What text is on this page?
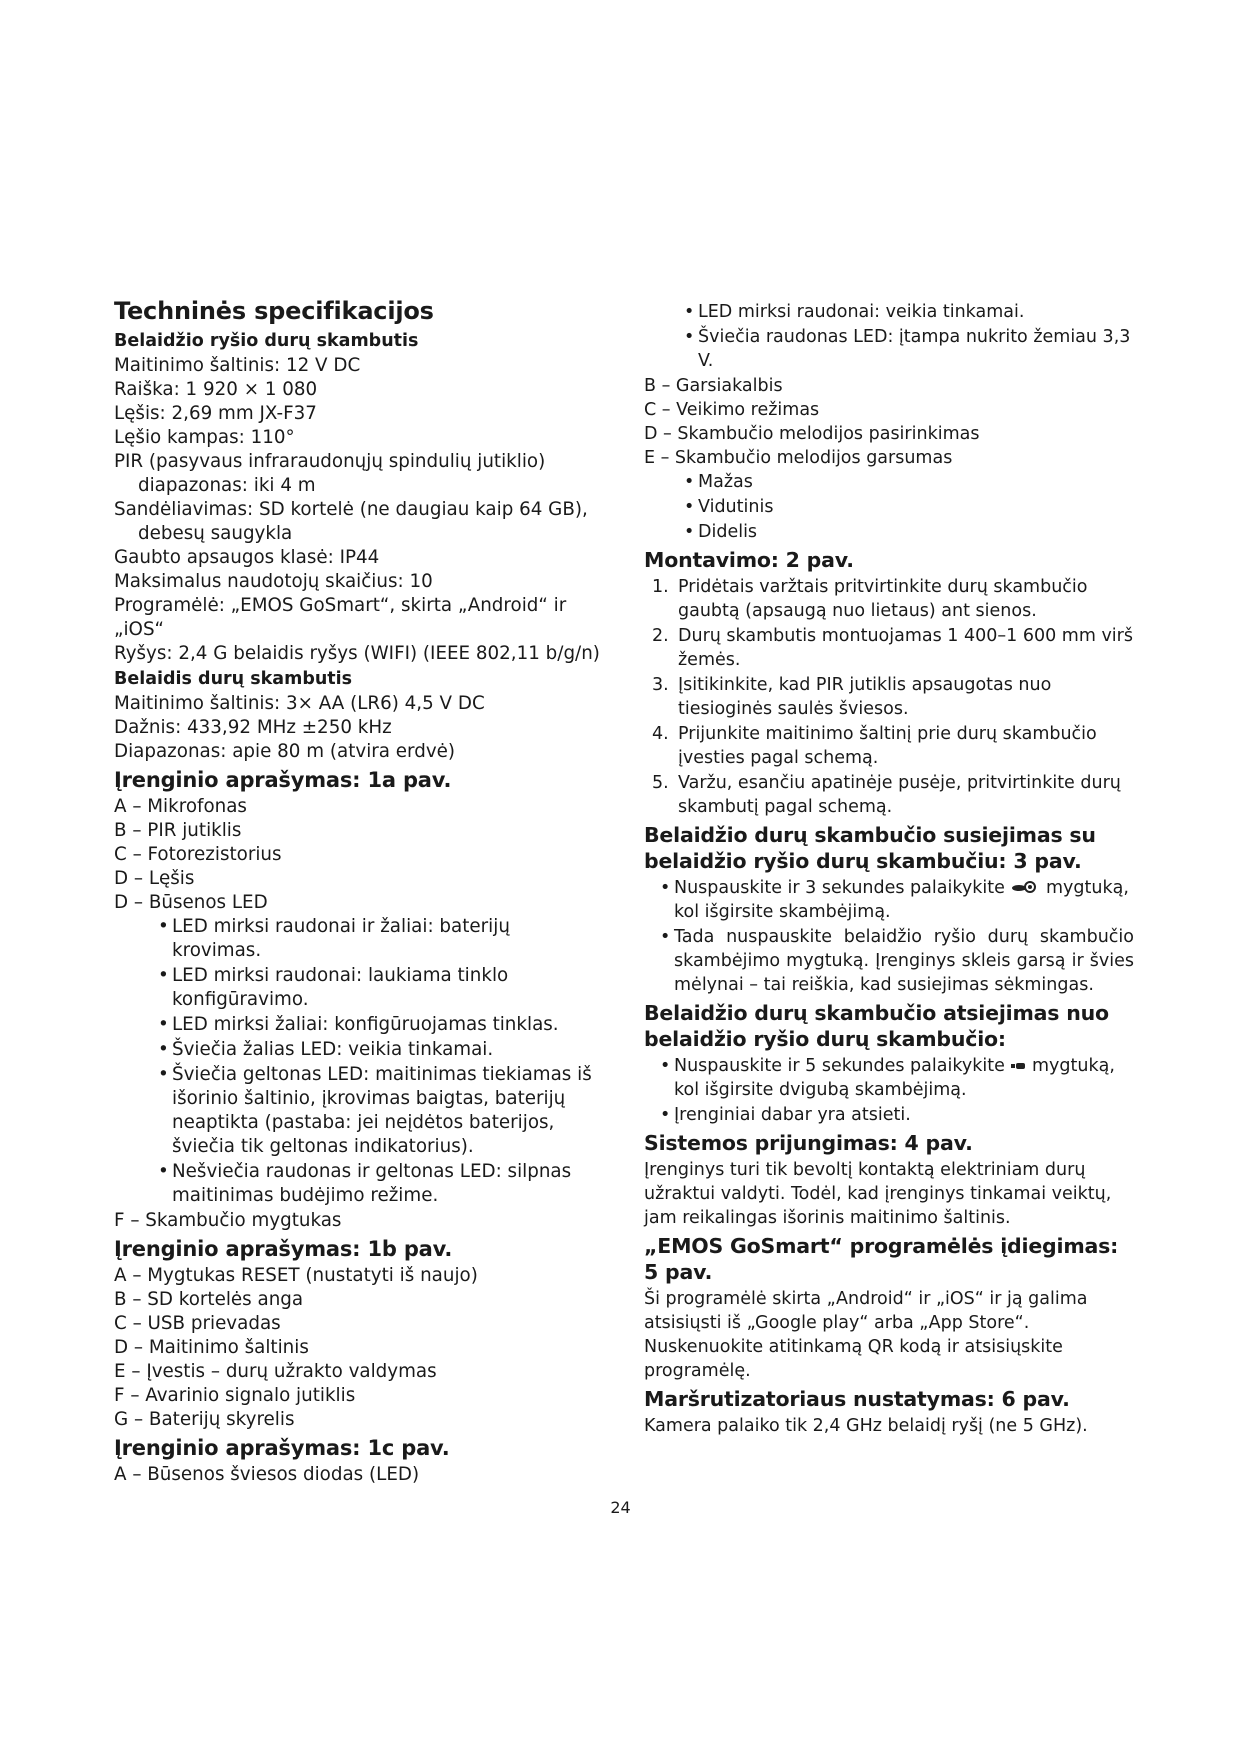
Techninės specifikacijos
Belaidžio ryšio durų skambutis
Maitinimo šaltinis: 12 V DC
Raiška: 1 920 × 1 080
Lęšis: 2,69 mm JX-F37
Lęšio kampas: 110°
PIR (pasyvaus infraraudonųjų spindulių jutiklio) diapazonas: iki 4 m
Sandėliavimas: SD kortelė (ne daugiau kaip 64 GB), debesų saugykla
Gaubto apsaugos klasė: IP44
Maksimalus naudotojų skaičius: 10
Programėlė: „EMOS GoSmart“, skirta „Android“ ir „iOS“
Ryšys: 2,4 G belaidis ryšys (WIFI) (IEEE 802,11 b/g/n)
Belaidis durų skambutis
Maitinimo šaltinis: 3× AA (LR6) 4,5 V DC
Dažnis: 433,92 MHz ±250 kHz
Diapazonas: apie 80 m (atvira erdvė)
Įrenginio aprašymas: 1a pav.
A – Mikrofonas
B – PIR jutiklis
C – Fotorezistorius
D – Lęšis
D – Būsenos LED
• LED mirksi raudonai ir žaliai: baterijų krovimas.
• LED mirksi raudonai: laukiama tinklo konfigūravimo.
• LED mirksi žaliai: konfigūruojamas tinklas.
• Šviečia žalias LED: veikia tinkamai.
• Šviečia geltonas LED: maitinimas tiekiamas iš išorinio šaltinio, įkrovimas baigtas, baterijų neaptikta (pastaba: jei neįdėtos baterijos, šviečia tik geltonas indikatorius).
• Nešviečia raudonas ir geltonas LED: silpnas maitinimas budėjimo režime.
F – Skambučio mygtukas
Įrenginio aprašymas: 1b pav.
A – Mygtukas RESET (nustatyti iš naujo)
B – SD kortelės anga
C – USB prievadas
D – Maitinimo šaltinis
E – Įvestis – durų užrakto valdymas
F – Avarinio signalo jutiklis
G – Baterijų skyrelis
Įrenginio aprašymas: 1c pav.
A – Būsenos šviesos diodas (LED)
• LED mirksi raudonai: veikia tinkamai.
• Šviečia raudonas LED: įtampa nukrito žemiau 3,3 V.
B – Garsiakalbis
C – Veikimo režimas
D – Skambučio melodijos pasirinkimas
E – Skambučio melodijos garsumas
• Mažas
• Vidutinis
• Didelis
Montavimo: 2 pav.
1. Pridėtais varžtais pritvirtinkite durų skambučio gaubtą (apsaugą nuo lietaus) ant sienos.
2. Durų skambutis montuojamas 1 400–1 600 mm virš žemės.
3. Įsitikinkite, kad PIR jutiklis apsaugotas nuo tiesioginės saulės šviesos.
4. Prijunkite maitinimo šaltinį prie durų skambučio įvesties pagal schemą.
5. Varžu, esančiu apatinėje pusėje, pritvirtinkite durų skambutį pagal schemą.
Belaidžio durų skambučio susiejimas su belaidžio ryšio durų skambučiu: 3 pav.
• Nuspauskite ir 3 sekundes palaikykite mygtuką, kol išgirsite skambėjimą.
• Tada nuspauskite belaidžio ryšio durų skambučio skambėjimo mygtuką. Įrenginys skleis garsą ir švies mėlynai – tai reiškia, kad susiejimas sėkmingas.
Belaidžio durų skambučio atsiejimas nuo belaidžio ryšio durų skambučio:
• Nuspauskite ir 5 sekundes palaikykite mygtuką, kol išgirsite dvigubą skambėjimą.
• Įrenginiai dabar yra atsieti.
Sistemos prijungimas: 4 pav.
Įrenginys turi tik bevoltį kontaktą elektriniam durų užraktui valdyti. Todėl, kad įrenginys tinkamai veiktų, jam reikalingas išorinis maitinimo šaltinis.
„EMOS GoSmart“ programėlės įdiegimas: 5 pav.
Ši programėlė skirta „Android“ ir „iOS“ ir ją galima atsisiųsti iš „Google play“ arba „App Store“.
Nuskenuokite atitinkamą QR kodą ir atsisiųskite programėlę.
Maršrutizatoriaus nustatymas: 6 pav.
Kamera palaiko tik 2,4 GHz belaidį ryšį (ne 5 GHz).
24
